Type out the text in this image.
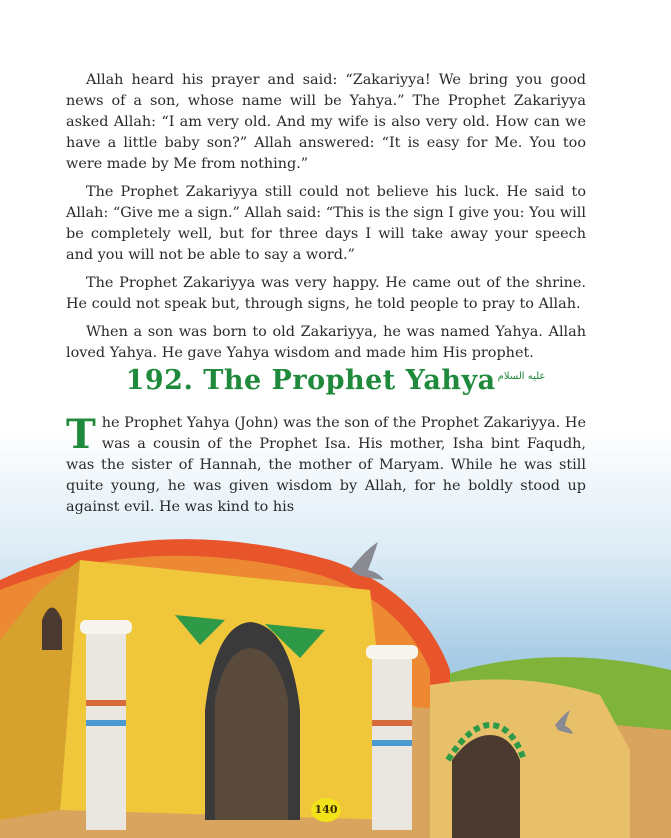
Allah heard his prayer and said: “Zakariyya! We bring you good news of a son, whose name will be Yahya.” The Prophet Zakariyya asked Allah: “I am very old. And my wife is also very old. How can we have a little baby son?” Allah answered: “It is easy for Me. You too were made by Me from nothing.”

The Prophet Zakariyya still could not believe his luck. He said to Allah: “Give me a sign.” Allah said: “This is the sign I give you: You will be completely well, but for three days I will take away your speech and you will not be able to say a word.”

The Prophet Zakariyya was very happy. He came out of the shrine. He could not speak but, through signs, he told people to pray to Allah.

When a son was born to old Zakariyya, he was named Yahya. Allah loved Yahya. He gave Yahya wisdom and made him His prophet.

192. The Prophet Yahya $^{عليه السلام}$

The Prophet Yahya (John) was the son of the Prophet Zakariyya. He was a cousin of the Prophet Isa. His mother, Isha bint Faqudh, was the sister of Hannah, the mother of Maryam. While he was still quite young, he was given wisdom by Allah, for he boldly stood up against evil. He was kind to his

140
